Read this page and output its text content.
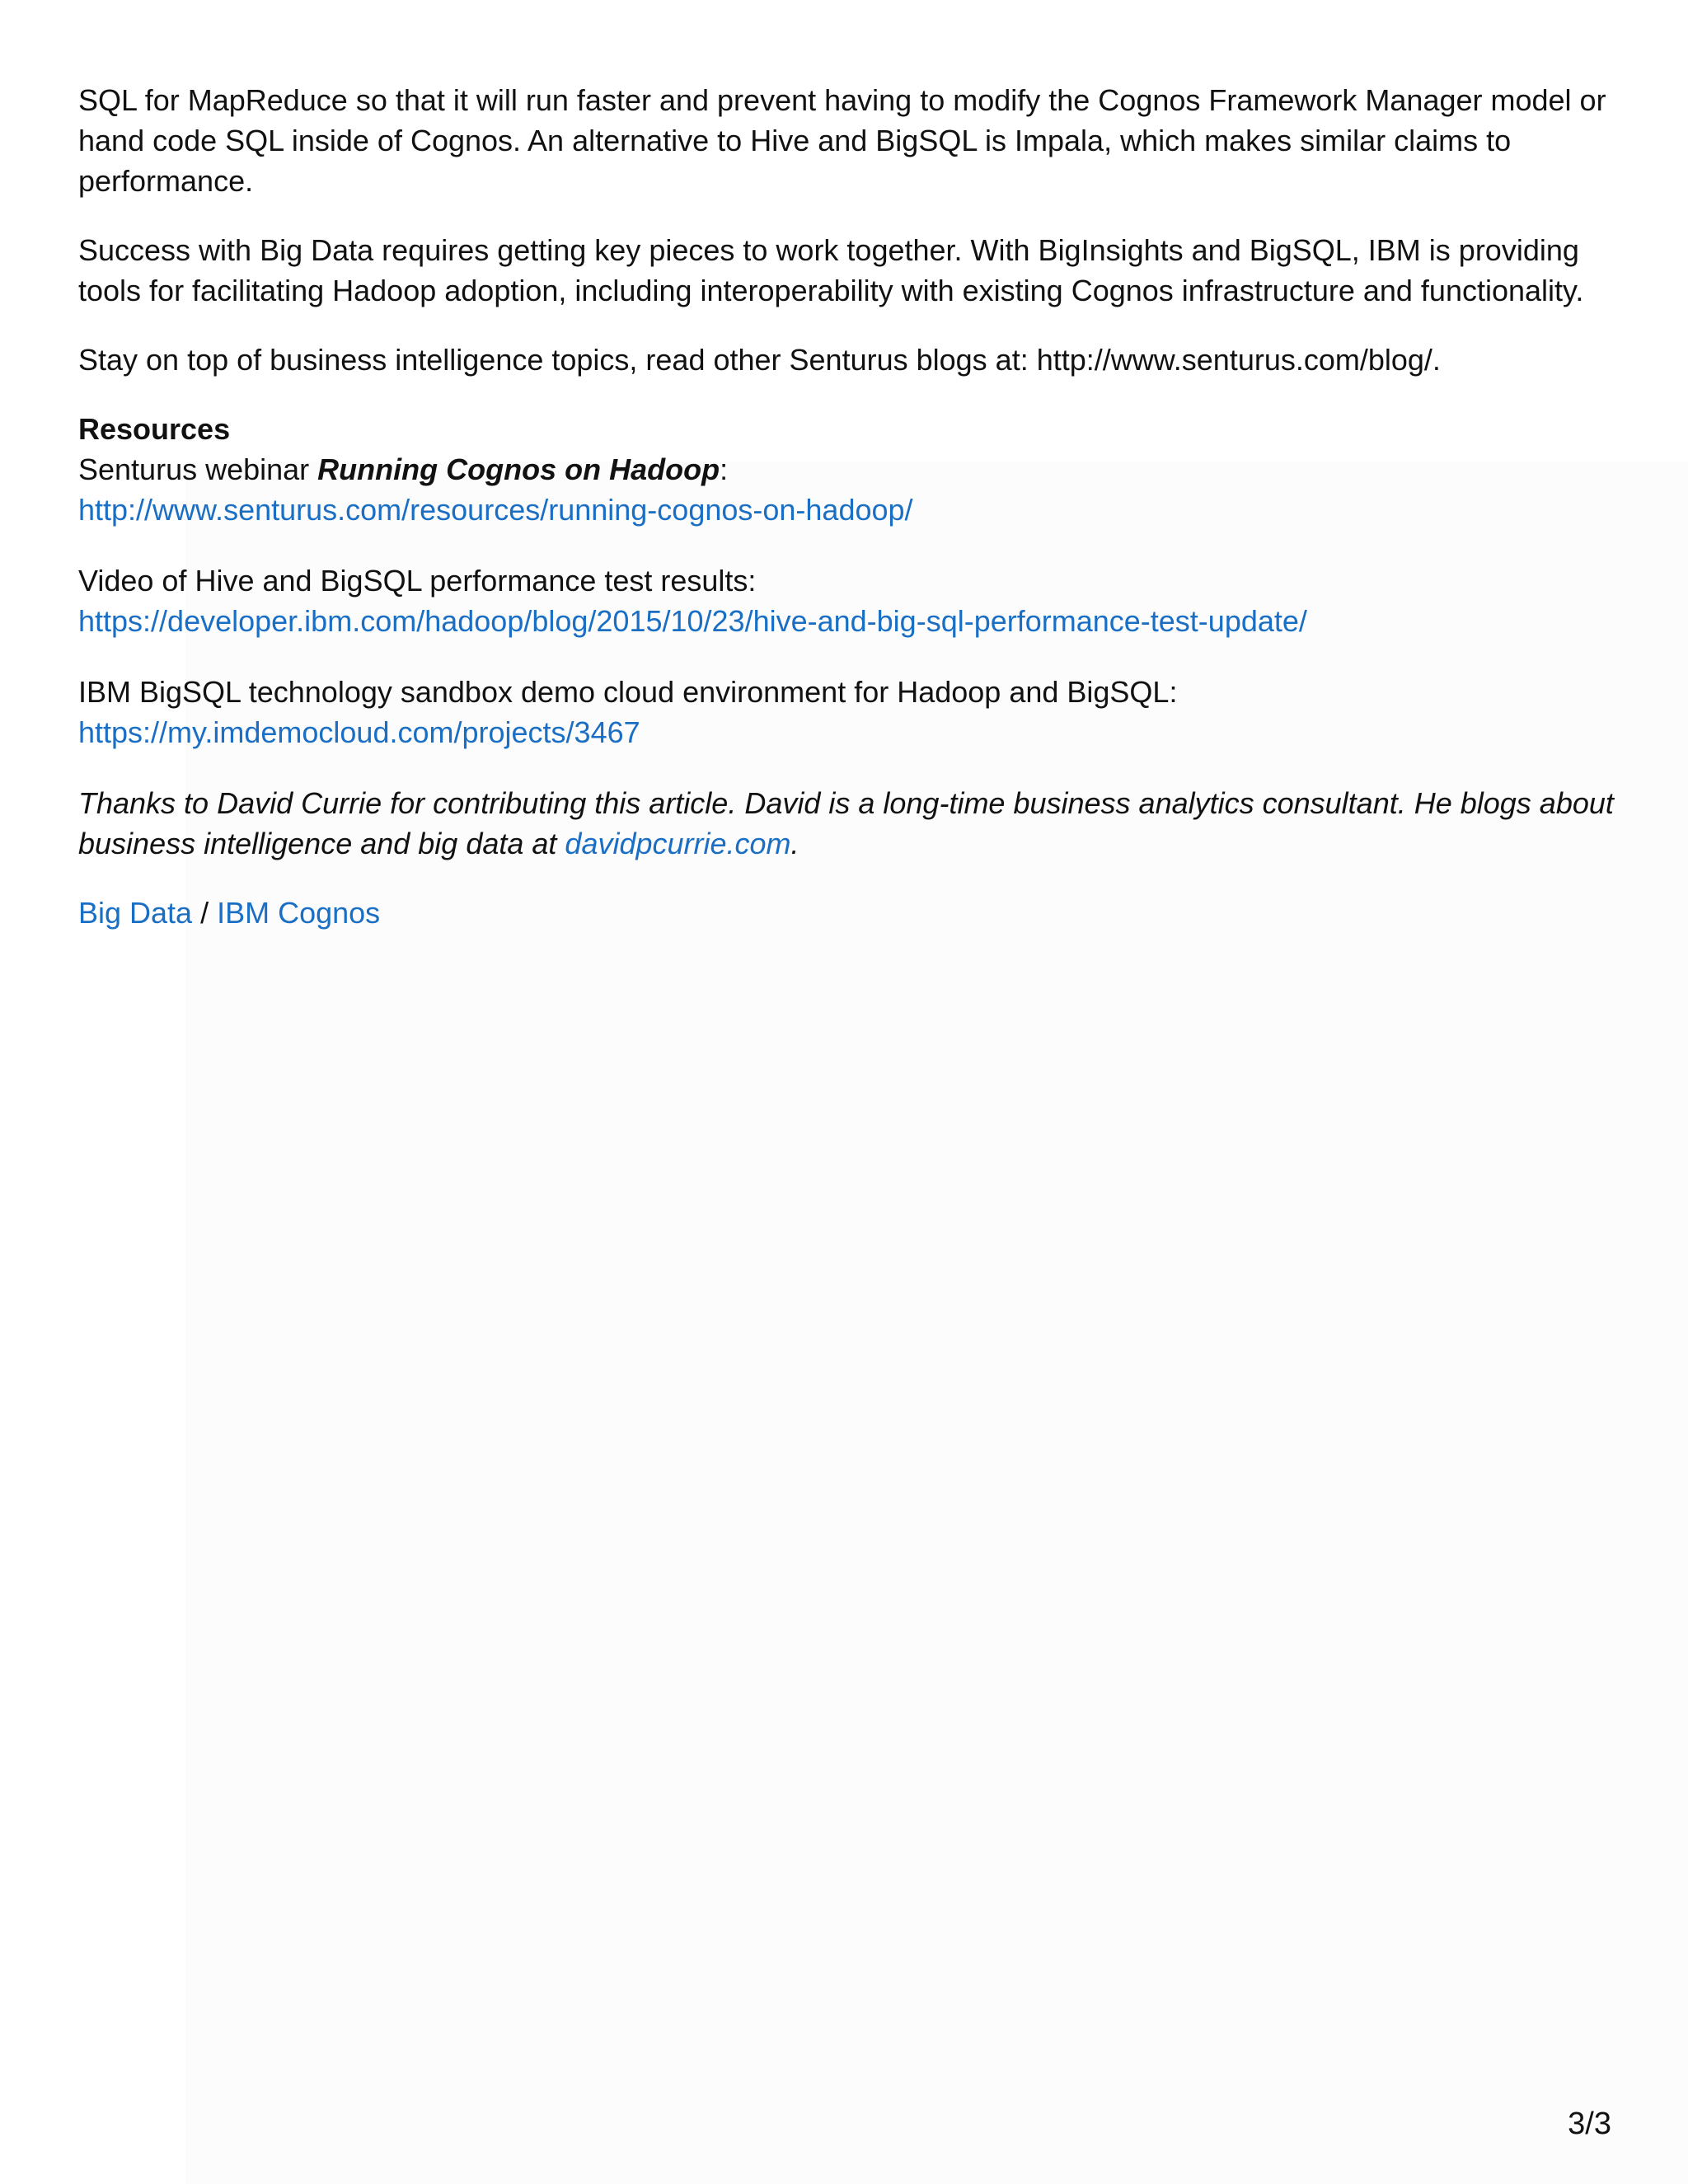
SQL for MapReduce so that it will run faster and prevent having to modify the Cognos Framework Manager model or hand code SQL inside of Cognos. An alternative to Hive and BigSQL is Impala, which makes similar claims to performance.

Success with Big Data requires getting key pieces to work together. With BigInsights and BigSQL, IBM is providing tools for facilitating Hadoop adoption, including interoperability with existing Cognos infrastructure and functionality.

Stay on top of business intelligence topics, read other Senturus blogs at: http://www.senturus.com/blog/.

Resources
Senturus webinar Running Cognos on Hadoop:
http://www.senturus.com/resources/running-cognos-on-hadoop/
Video of Hive and BigSQL performance test results:
https://developer.ibm.com/hadoop/blog/2015/10/23/hive-and-big-sql-performance-test-update/
IBM BigSQL technology sandbox demo cloud environment for Hadoop and BigSQL:
https://my.imdemocloud.com/projects/3467

Thanks to David Currie for contributing this article. David is a long-time business analytics consultant. He blogs about business intelligence and big data at davidpcurrie.com.

Big Data / IBM Cognos

3/3
